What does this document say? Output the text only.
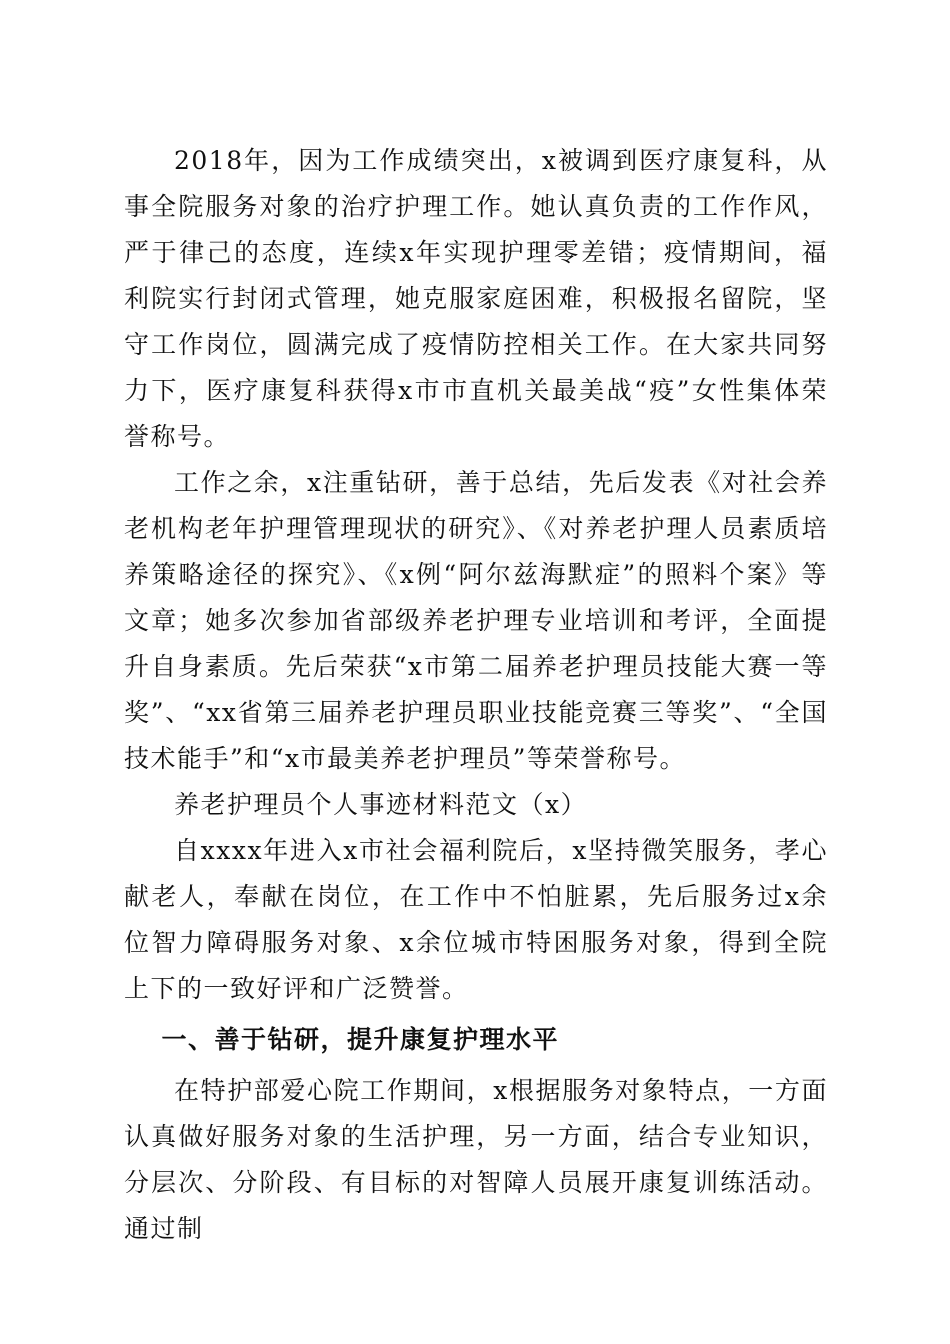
2018年，因为工作成绩突出，x被调到医疗康复科，从事全院服务对象的治疗护理工作。她认真负责的工作作风，严于律己的态度，连续x年实现护理零差错；疫情期间，福利院实行封闭式管理，她克服家庭困难，积极报名留院，坚守工作岗位，圆满完成了疫情防控相关工作。在大家共同努力下，医疗康复科获得x市市直机关最美战“疫”女性集体荣誉称号。

工作之余，x注重钻研，善于总结，先后发表《对社会养老机构老年护理管理现状的研究》、《对养老护理人员素质培养策略途径的探究》、《x例“阿尔兹海默症”的照料个案》等文章；她多次参加省部级养老护理专业培训和考评，全面提升自身素质。先后荣获“x市第二届养老护理员技能大赛一等奖”、“xx省第三届养老护理员职业技能竞赛三等奖”、“全国技术能手”和“x市最美养老护理员”等荣誉称号。

养老护理员个人事迹材料范文（x）

自xxxx年进入x市社会福利院后，x坚持微笑服务，孝心献老人，奉献在岗位，在工作中不怕脏累，先后服务过x余位智力障碍服务对象、x余位城市特困服务对象，得到全院上下的一致好评和广泛赞誉。

一、善于钻研，提升康复护理水平

在特护部爱心院工作期间，x根据服务对象特点，一方面认真做好服务对象的生活护理，另一方面，结合专业知识，分层次、分阶段、有目标的对智障人员展开康复训练活动。通过制
